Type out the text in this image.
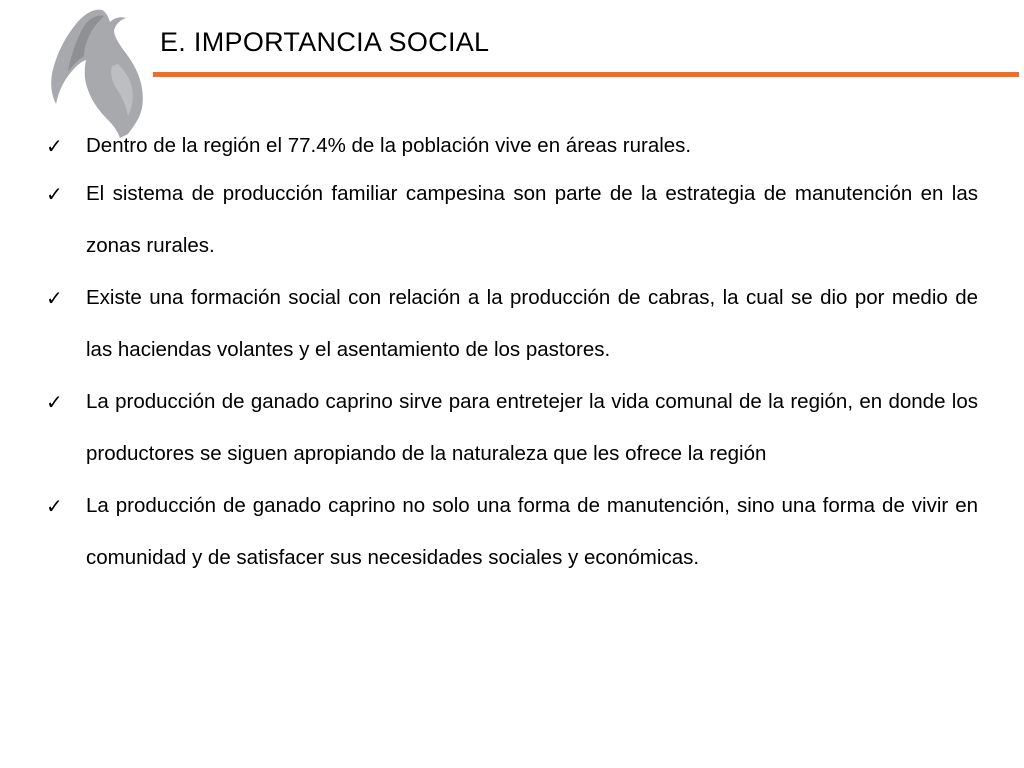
E. IMPORTANCIA SOCIAL
✓	Dentro de la región el 77.4% de la población vive en áreas rurales.
✓	El sistema de producción familiar campesina son parte de la estrategia de manutención en las zonas rurales.
✓	Existe una formación social con relación a la producción de cabras, la cual se dio por medio de las haciendas volantes y el asentamiento de los pastores.
✓	La producción de ganado caprino sirve para entretejer la vida comunal de la región, en donde los productores se siguen apropiando de la naturaleza que les ofrece la región
✓	La producción de ganado caprino no solo una forma de manutención, sino una forma de vivir en comunidad y de satisfacer sus necesidades sociales y económicas.
